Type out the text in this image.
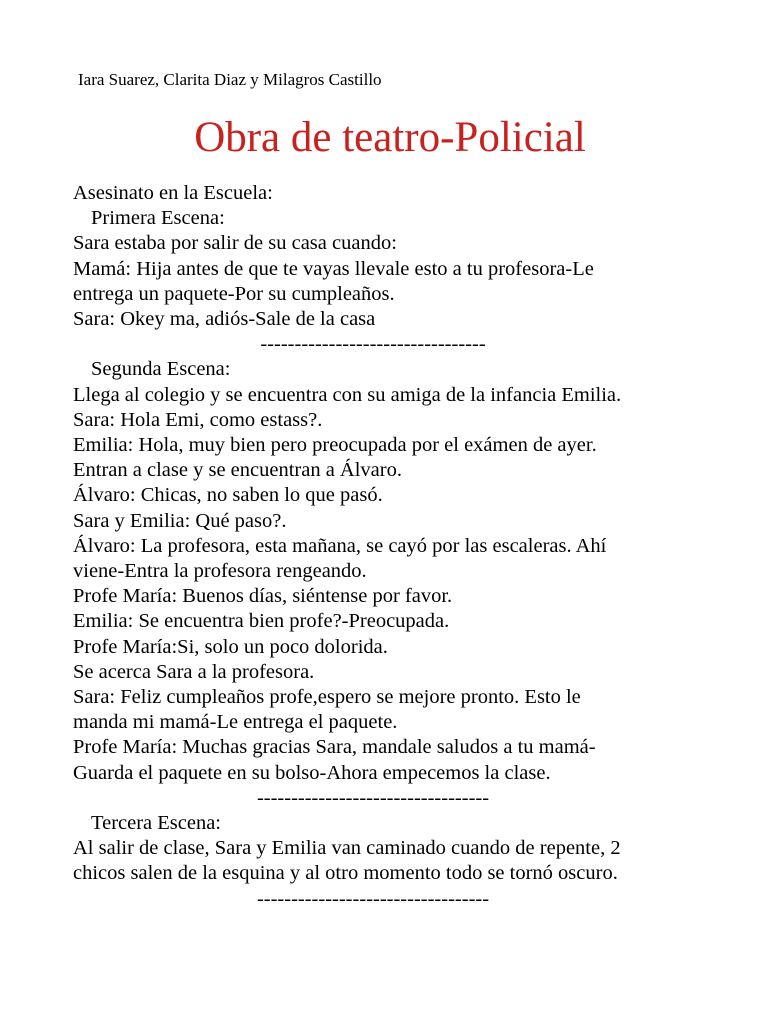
Iara Suarez, Clarita Diaz y Milagros Castillo
Obra de teatro-Policial
Asesinato en la Escuela:
Primera Escena:
Sara estaba por salir de su casa cuando:
Mamá: Hija antes de que te vayas llevale esto a tu profesora-Le
entrega un paquete-Por su cumpleaños.
Sara: Okey ma, adiós-Sale de la casa
---------------------------------
Segunda Escena:
Llega al colegio y se encuentra con su amiga de la infancia Emilia.
Sara: Hola Emi, como estass?.
Emilia: Hola, muy bien pero preocupada por el exámen de ayer.
Entran a clase y se encuentran a Álvaro.
Álvaro: Chicas, no saben lo que pasó.
Sara y Emilia: Qué paso?.
Álvaro: La profesora, esta mañana, se cayó por las escaleras. Ahí
viene-Entra la profesora rengeando.
Profe María: Buenos días, siéntense por favor.
Emilia: Se encuentra bien profe?-Preocupada.
Profe María:Si, solo un poco dolorida.
Se acerca Sara a la profesora.
Sara: Feliz cumpleaños profe,espero se mejore pronto. Esto le
manda mi mamá-Le entrega el paquete.
Profe María: Muchas gracias Sara, mandale saludos a tu mamá-
Guarda el paquete en su bolso-Ahora empecemos la clase.
----------------------------------
Tercera Escena:
Al salir de clase, Sara y Emilia van caminado cuando de repente, 2
chicos salen de la esquina y al otro momento todo se tornó oscuro.
----------------------------------
